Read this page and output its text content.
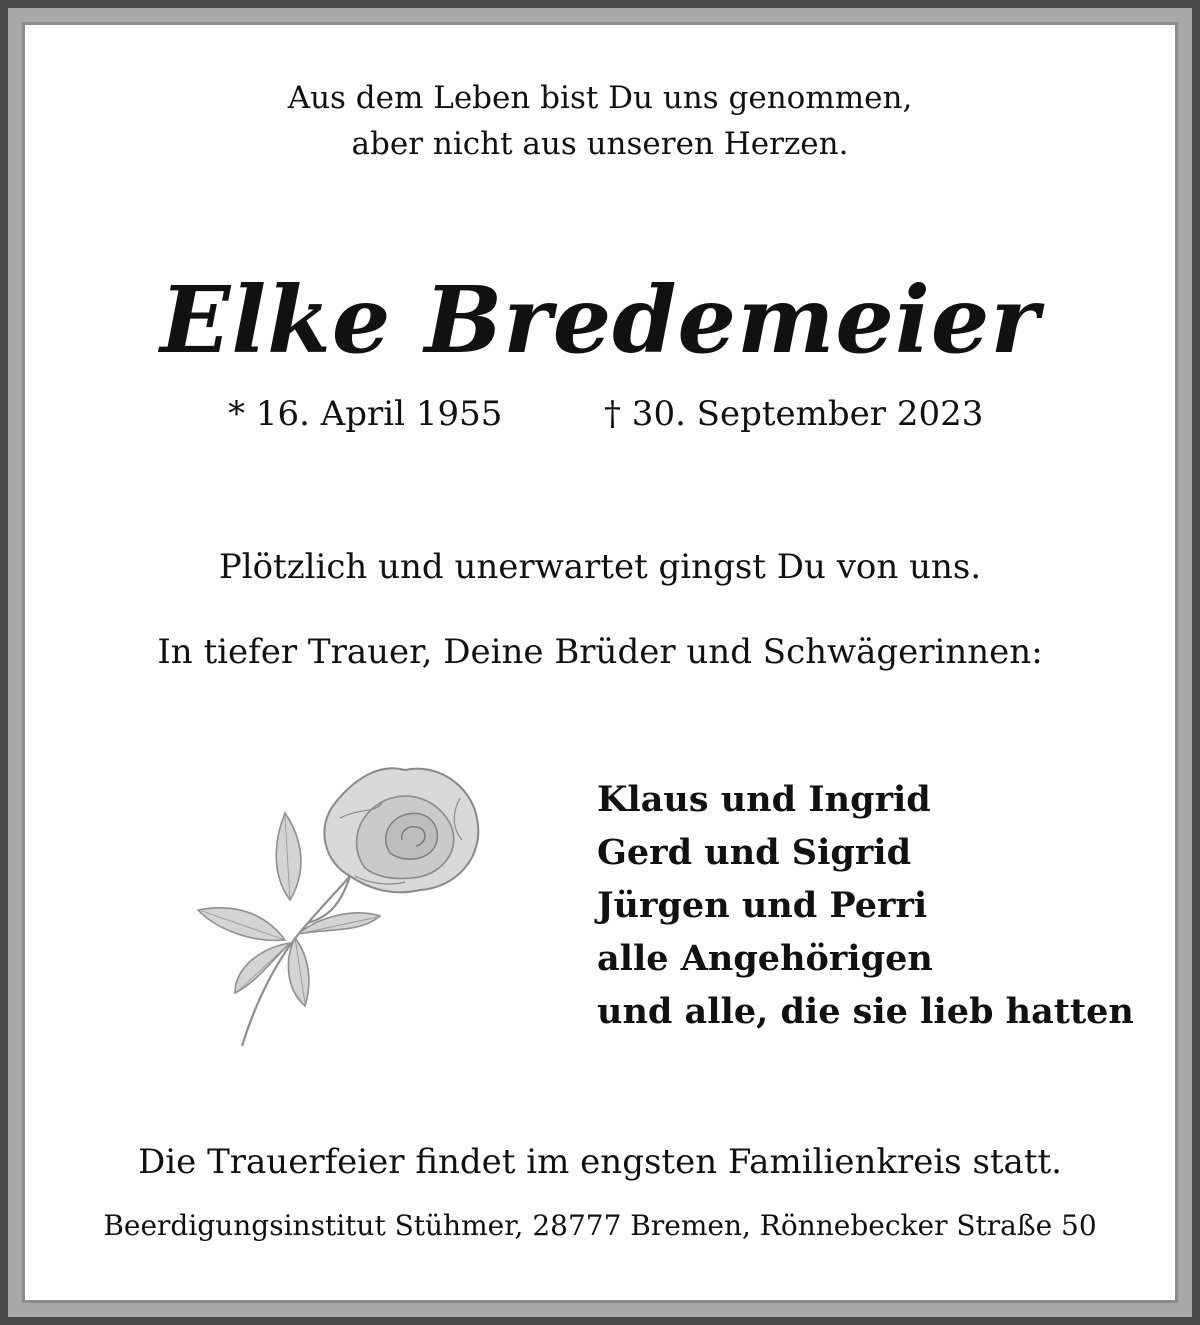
Aus dem Leben bist Du uns genommen,
aber nicht aus unseren Herzen.
Elke Bredemeier
* 16. April 1955	† 30. September 2023
Plötzlich und unerwartet gingst Du von uns.
In tiefer Trauer, Deine Brüder und Schwägerinnen:
Klaus und Ingrid
Gerd und Sigrid
Jürgen und Perri
alle Angehörigen
und alle, die sie lieb hatten
Die Trauerfeier findet im engsten Familienkreis statt.
Beerdigungsinstitut Stühmer, 28777 Bremen, Rönnebecker Straße 50
